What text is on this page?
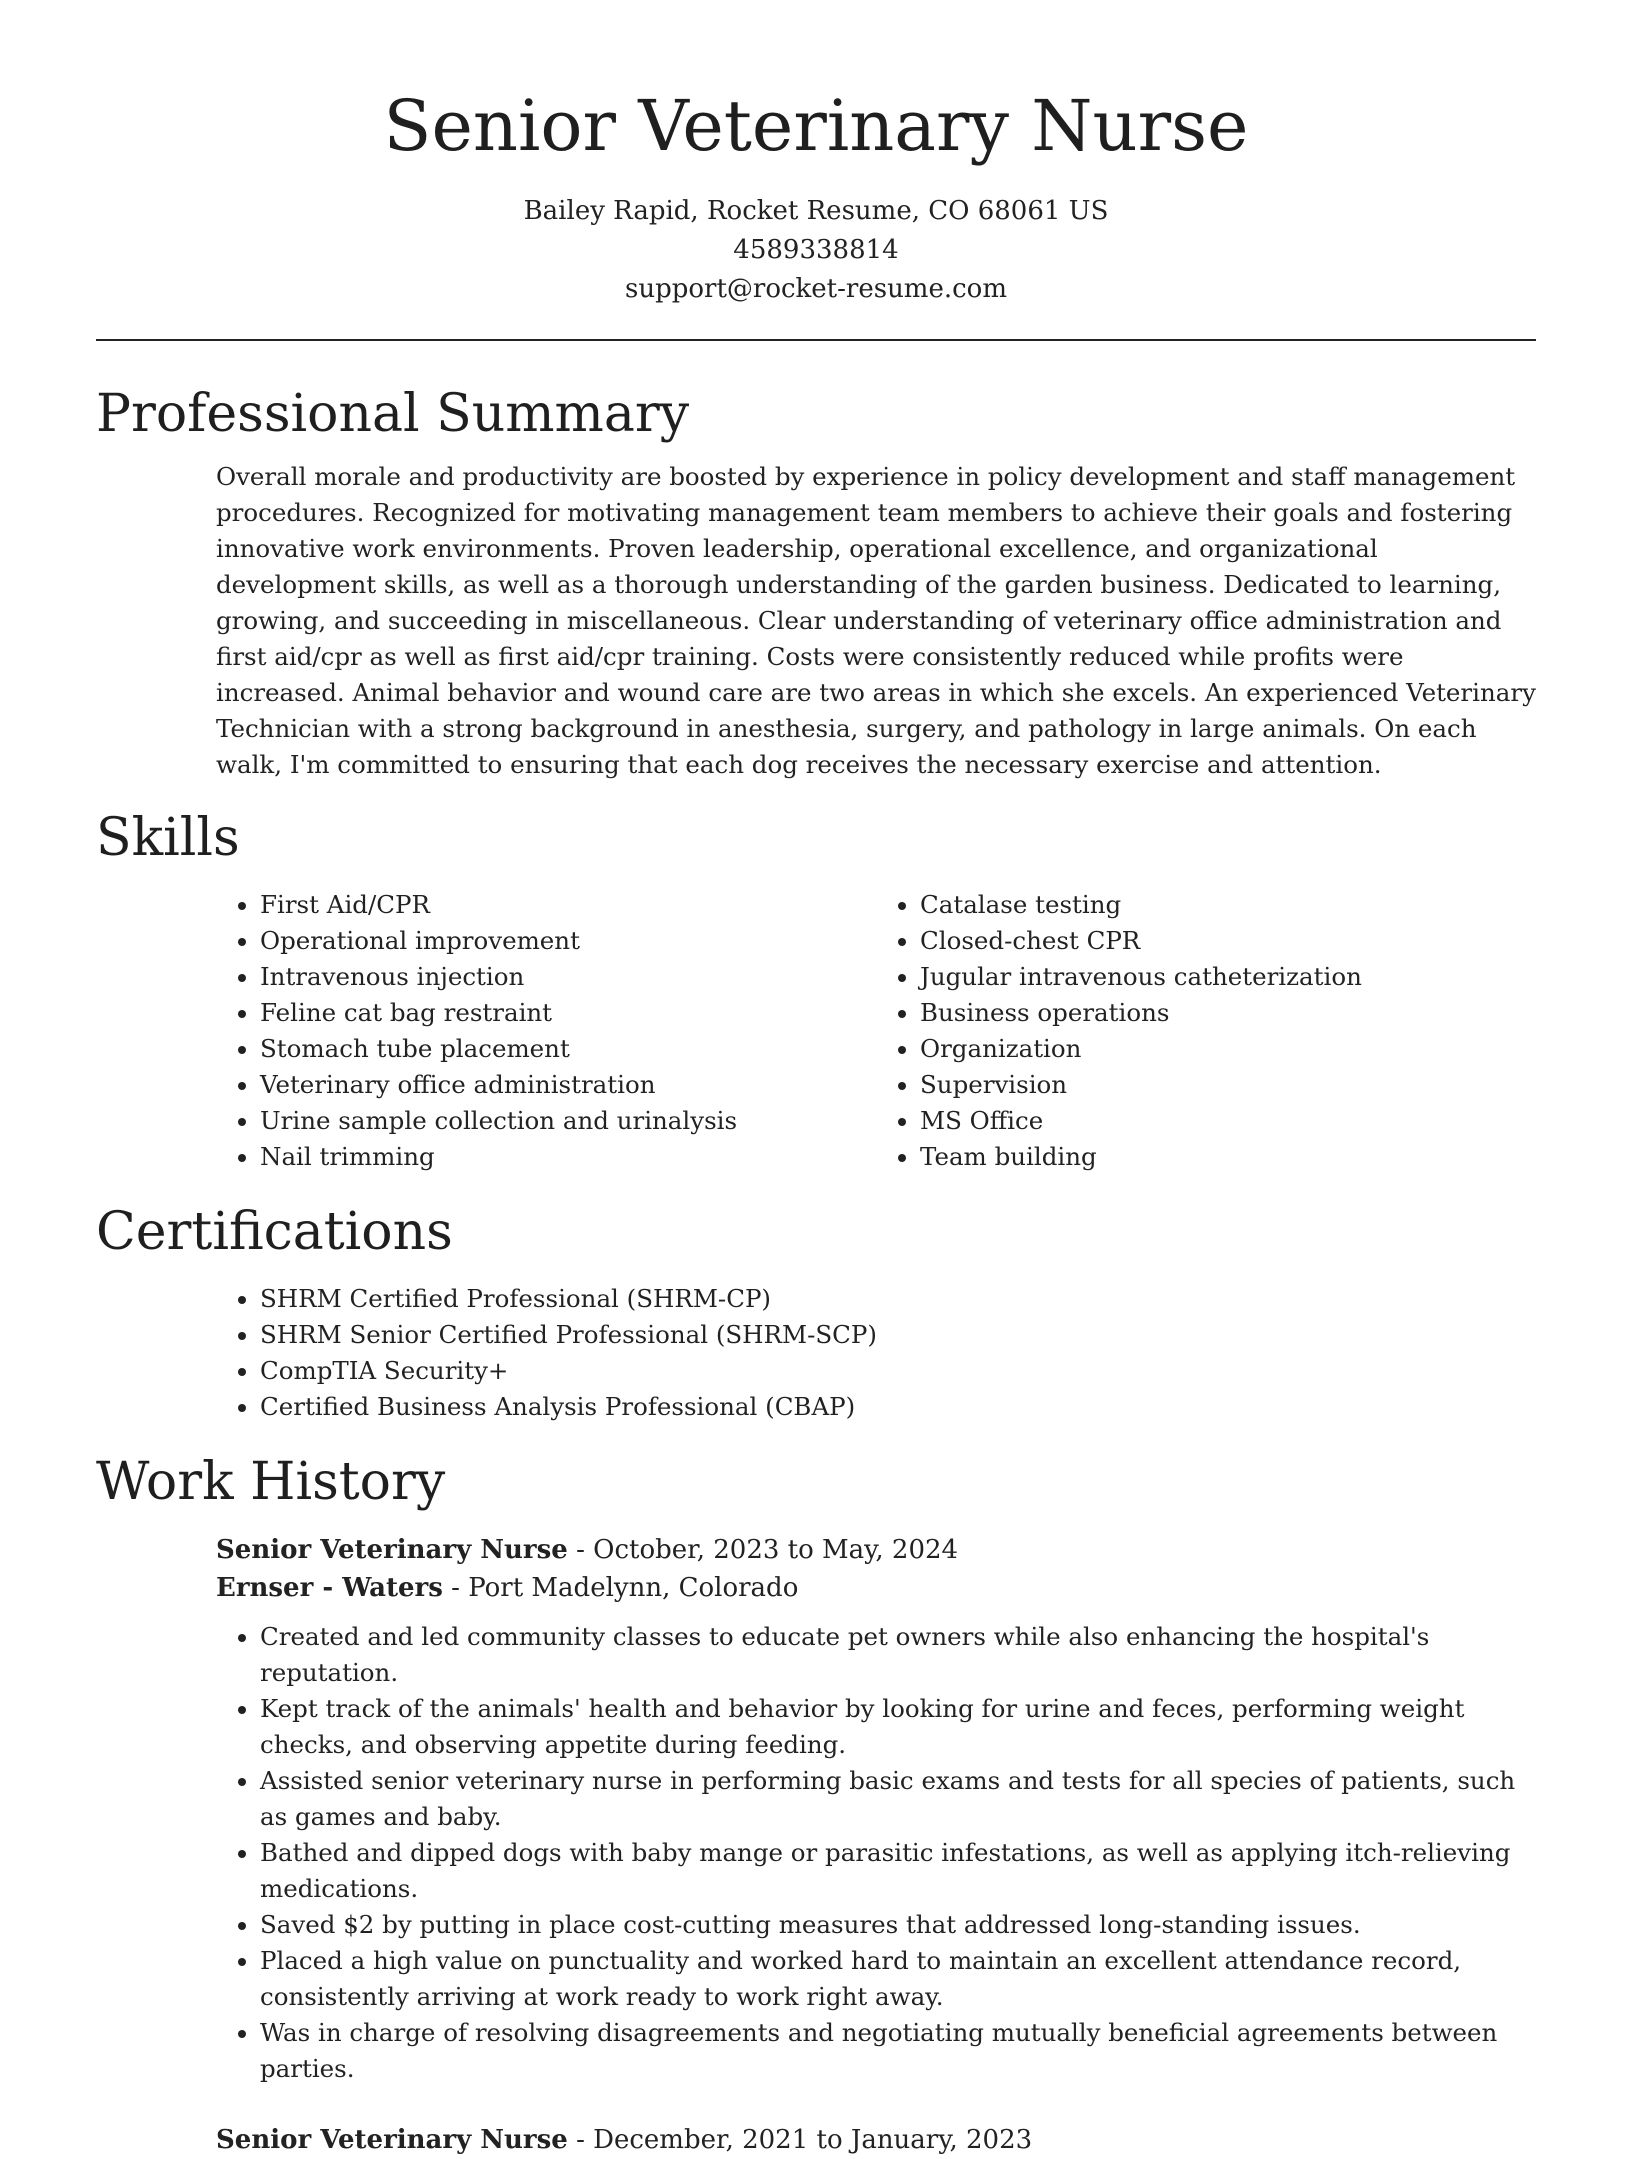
Senior Veterinary Nurse
Bailey Rapid, Rocket Resume, CO 68061 US
4589338814
support@rocket-resume.com
Professional Summary

Overall morale and productivity are boosted by experience in policy development and staff management procedures. Recognized for motivating management team members to achieve their goals and fostering innovative work environments. Proven leadership, operational excellence, and organizational development skills, as well as a thorough understanding of the garden business. Dedicated to learning, growing, and succeeding in miscellaneous. Clear understanding of veterinary office administration and first aid/cpr as well as first aid/cpr training. Costs were consistently reduced while profits were increased. Animal behavior and wound care are two areas in which she excels. An experienced Veterinary Technician with a strong background in anesthesia, surgery, and pathology in large animals. On each walk, I'm committed to ensuring that each dog receives the necessary exercise and attention.

Skills
• First Aid/CPR
• Operational improvement
• Intravenous injection
• Feline cat bag restraint
• Stomach tube placement
• Veterinary office administration
• Urine sample collection and urinalysis
• Nail trimming
• Catalase testing
• Closed-chest CPR
• Jugular intravenous catheterization
• Business operations
• Organization
• Supervision
• MS Office
• Team building
Certifications
• SHRM Certified Professional (SHRM-CP)
• SHRM Senior Certified Professional (SHRM-SCP)
• CompTIA Security+
• Certified Business Analysis Professional (CBAP)
Work History
Senior Veterinary Nurse - October, 2023 to May, 2024
Ernser - Waters - Port Madelynn, Colorado
• Created and led community classes to educate pet owners while also enhancing the hospital's reputation.
• Kept track of the animals' health and behavior by looking for urine and feces, performing weight checks, and observing appetite during feeding.
• Assisted senior veterinary nurse in performing basic exams and tests for all species of patients, such as games and baby.
• Bathed and dipped dogs with baby mange or parasitic infestations, as well as applying itch-relieving medications.
• Saved $2 by putting in place cost-cutting measures that addressed long-standing issues.
• Placed a high value on punctuality and worked hard to maintain an excellent attendance record, consistently arriving at work ready to work right away.
• Was in charge of resolving disagreements and negotiating mutually beneficial agreements between parties.
Senior Veterinary Nurse - December, 2021 to January, 2023
